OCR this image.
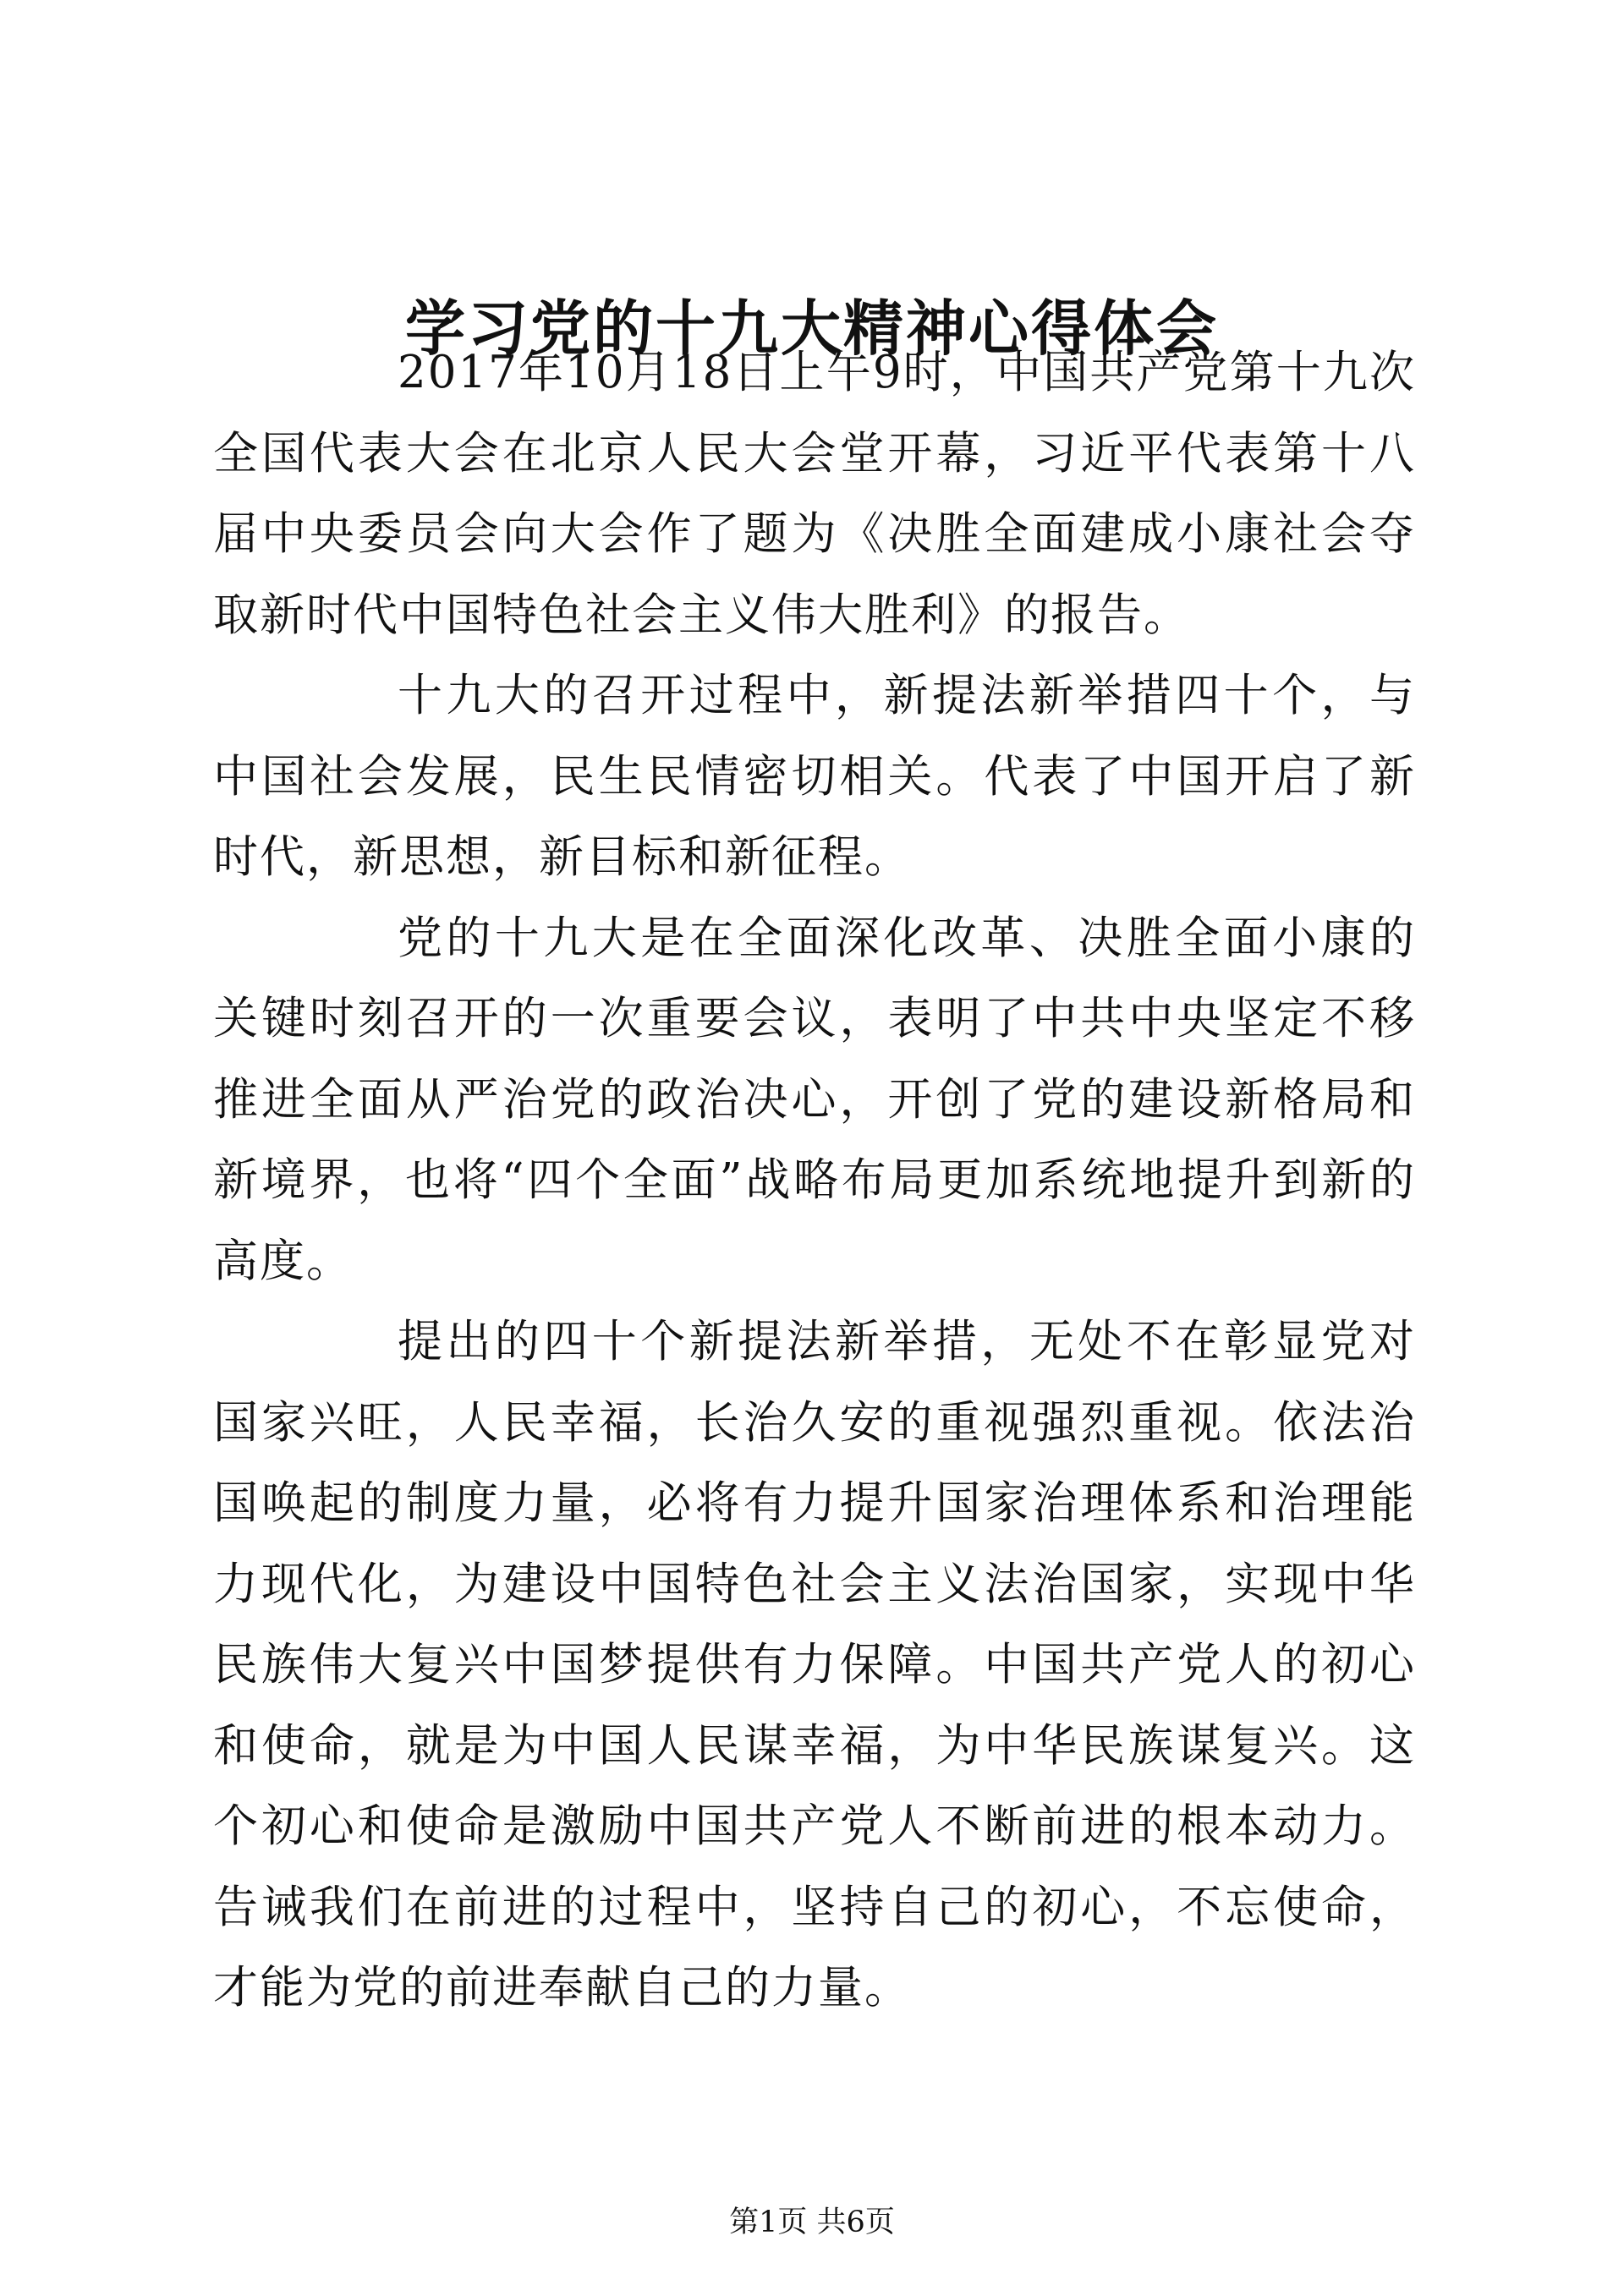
学习党的十九大精神心得体会

2017年10月18日上午9时，中国共产党第十九次全国代表大会在北京人民大会堂开幕，习近平代表第十八届中央委员会向大会作了题为《决胜全面建成小康社会夺取新时代中国特色社会主义伟大胜利》的报告。

十九大的召开过程中，新提法新举措四十个，与中国社会发展，民生民情密切相关。代表了中国开启了新时代，新思想，新目标和新征程。

党的十九大是在全面深化改革、决胜全面小康的关键时刻召开的一次重要会议，表明了中共中央坚定不移推进全面从严治党的政治决心，开创了党的建设新格局和新境界，也将“四个全面”战略布局更加系统地提升到新的高度。

提出的四十个新提法新举措，无处不在彰显党对国家兴旺，人民幸福，长治久安的重视强烈重视。依法治国唤起的制度力量，必将有力提升国家治理体系和治理能力现代化，为建设中国特色社会主义法治国家，实现中华民族伟大复兴中国梦提供有力保障。中国共产党人的初心和使命，就是为中国人民谋幸福，为中华民族谋复兴。这个初心和使命是激励中国共产党人不断前进的根本动力。告诫我们在前进的过程中，坚持自己的初心，不忘使命，才能为党的前进奉献自己的力量。

第1页 共6页
